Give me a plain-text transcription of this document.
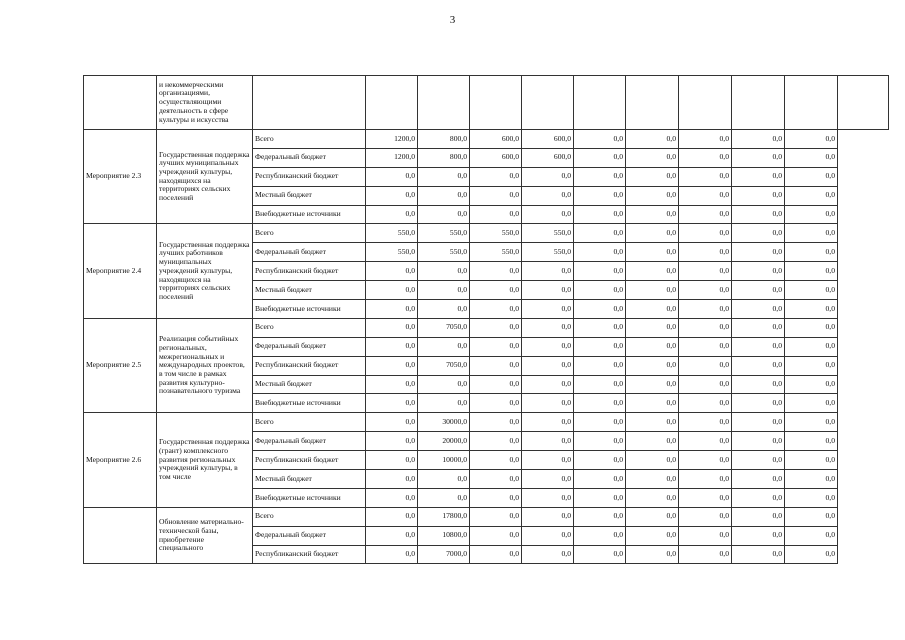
3

	и некоммерческими организациями, осуществляющими деятельность в сфере культуры и искусства											

Мероприятие 2.3	Государственная поддержка лучших муниципальных учреждений культуры, находящихся на территориях сельских поселений	Всего	1200,0	800,0	600,0	600,0	0,0	0,0	0,0	0,0	0,0	
		Федеральный бюджет	1200,0	800,0	600,0	600,0	0,0	0,0	0,0	0,0	0,0	
		Республиканский бюджет	0,0	0,0	0,0	0,0	0,0	0,0	0,0	0,0	0,0	
		Местный бюджет	0,0	0,0	0,0	0,0	0,0	0,0	0,0	0,0	0,0	
		Внебюджетные источники	0,0	0,0	0,0	0,0	0,0	0,0	0,0	0,0	0,0	

Мероприятие 2.4	Государственная поддержка лучших работников муниципальных учреждений культуры, находящихся на территориях сельских поселений	Всего	550,0	550,0	550,0	550,0	0,0	0,0	0,0	0,0	0,0	
		Федеральный бюджет	550,0	550,0	550,0	550,0	0,0	0,0	0,0	0,0	0,0	
		Республиканский бюджет	0,0	0,0	0,0	0,0	0,0	0,0	0,0	0,0	0,0	
		Местный бюджет	0,0	0,0	0,0	0,0	0,0	0,0	0,0	0,0	0,0	
		Внебюджетные источники	0,0	0,0	0,0	0,0	0,0	0,0	0,0	0,0	0,0	

Мероприятие 2.5	Реализация событийных региональных, межрегиональных и международных проектов, в том числе в рамках развития культурно-познавательного туризма	Всего	0,0	7050,0	0,0	0,0	0,0	0,0	0,0	0,0	0,0	
		Федеральный бюджет	0,0	0,0	0,0	0,0	0,0	0,0	0,0	0,0	0,0	
		Республиканский бюджет	0,0	7050,0	0,0	0,0	0,0	0,0	0,0	0,0	0,0	
		Местный бюджет	0,0	0,0	0,0	0,0	0,0	0,0	0,0	0,0	0,0	
		Внебюджетные источники	0,0	0,0	0,0	0,0	0,0	0,0	0,0	0,0	0,0	

Мероприятие 2.6	Государственная поддержка (грант) комплексного развития региональных учреждений культуры, в том числе	Всего	0,0	30000,0	0,0	0,0	0,0	0,0	0,0	0,0	0,0	
		Федеральный бюджет	0,0	20000,0	0,0	0,0	0,0	0,0	0,0	0,0	0,0	
		Республиканский бюджет	0,0	10000,0	0,0	0,0	0,0	0,0	0,0	0,0	0,0	
		Местный бюджет	0,0	0,0	0,0	0,0	0,0	0,0	0,0	0,0	0,0	
		Внебюджетные источники	0,0	0,0	0,0	0,0	0,0	0,0	0,0	0,0	0,0	

	Обновление материально-технической базы, приобретение специального	Всего	0,0	17800,0	0,0	0,0	0,0	0,0	0,0	0,0	0,0	
		Федеральный бюджет	0,0	10800,0	0,0	0,0	0,0	0,0	0,0	0,0	0,0	
		Республиканский бюджет	0,0	7000,0	0,0	0,0	0,0	0,0	0,0	0,0	0,0	
